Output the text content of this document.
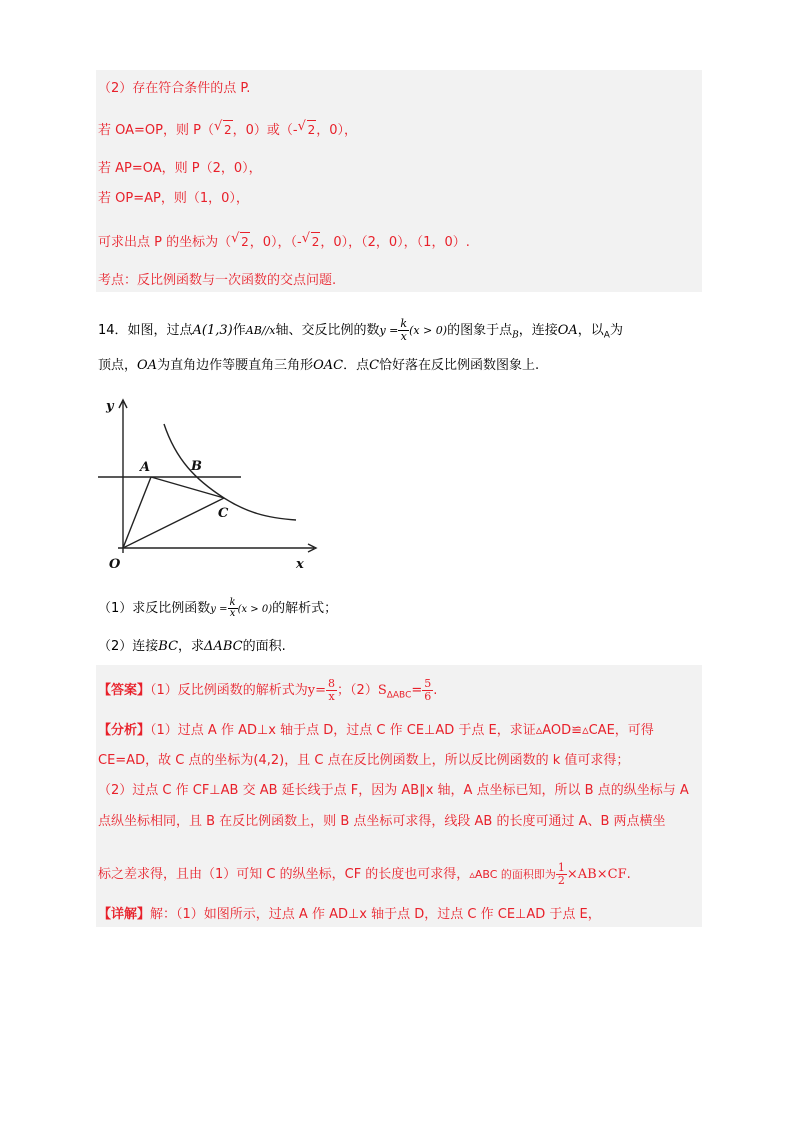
（2）存在符合条件的点 P.
若 OA=OP，则 P（ √ 2，0）或（- √ 2，0），
若 AP=OA，则 P（2，0），
若 OP=AP，则（1，0），
可求出点 P 的坐标为（ √ 2，0），（- √ 2，0），（2，0），（1，0）.
考点：反比例函数与一次函数的交点问题.
14．如图，过点A(1,3)作AB//x轴、交反比例的数$y = \frac{k}{x} (x > 0)$的图象于点$_B$，连接OA，以$_A$为
顶点，OA为直角边作等腰直角三角形OAC．点C恰好落在反比例函数图象上.
y
x
O
A	B
C
（1）求反比例函数$y = \frac{k}{x} (x > 0)$的解析式；
（2）连接BC，求ΔABC的面积.
【答案】（1）反比例函数的解析式为$y= \frac{8}{x}$ ；$(2)S_{\Delta ABC}= \frac{5}{6}$ .
【分析】（1）过点 A 作 AD⊥x 轴于点 D，过点 C 作 CE⊥AD 于点 E，求证▵AOD≌▵CAE，可得
CE=AD，故 C 点的坐标为(4,2)，且 C 点在反比例函数上，所以反比例函数的 k 值可求得；
（2）过点 C 作 CF⊥AB 交 AB 延长线于点 F，因为 AB∥x 轴，A 点坐标已知，所以 B 点的纵坐标与 A
点纵坐标相同，且 B 在反比例函数上，则 B 点坐标可求得，线段 AB 的长度可通过 A、B 两点横坐
标之差求得，且由（1）可知 C 的纵坐标，CF 的长度也可求得，▵ABC 的面积即为 $\frac{1}{2} \times AB\times CF$.
【详解】解：（1）如图所示，过点 A 作 AD⊥x 轴于点 D，过点 C 作 CE⊥AD 于点 E，
